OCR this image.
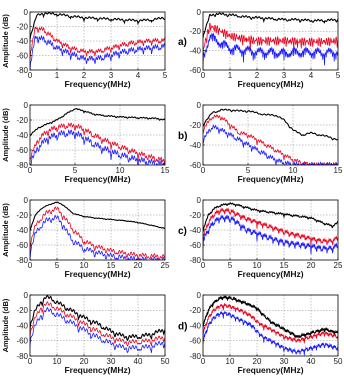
0	1	2	3	4	5
0
-20
-40
-60
-80
Frequency(MHz)
Amplitude (dB)
0	1	2	3	4	5
0
-20
-40
-60
Frequency(MHz)
a)
0	5	10	15
0
-20
-40
-60
-80
Frequency(MHz)
Amplitude (dB)
0	5	10	15
0
-20
-40
-60
Frequency(MHz)
b)
0	5	10 15 20 25
0
-20
-40
-60
-80
Frequency(MHz)
Amplitude (dB)
0	5	10 15 20 25
0
-20
-40
-60
-80
Frequency(MHz)
c)
0	10 20 30 40 50
0
-20
-40
-60
-80
Frequency(MHz)
Amplitude (dB)
0	10 20 30 40 50
0
-20
-40
-60
-80
Frequency(MHz)
d)
